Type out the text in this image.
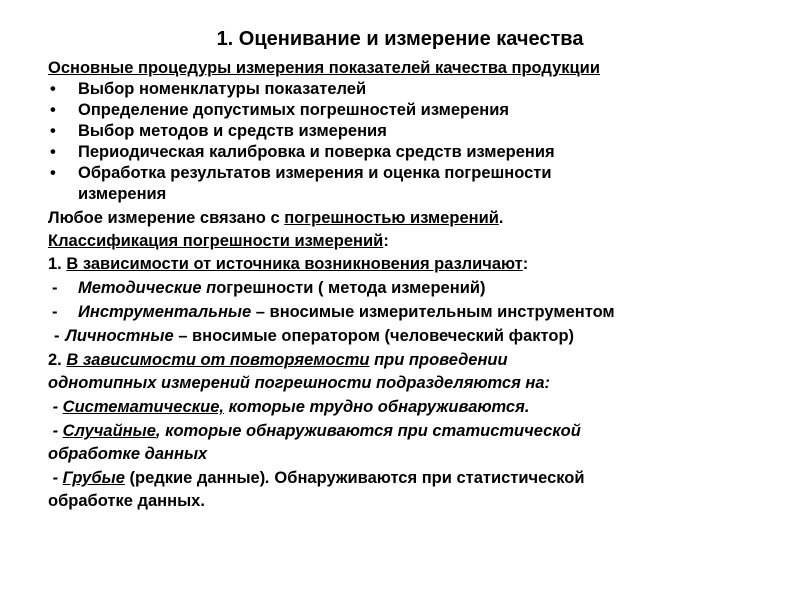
1. Оценивание и измерение качества
Основные процедуры измерения показателей качества продукции
• Выбор номенклатуры показателей
• Определение допустимых погрешностей измерения
• Выбор методов и средств измерения
• Периодическая калибровка и поверка средств измерения
• Обработка результатов измерения и оценка погрешности измерения
Любое измерение связано с погрешностью измерений.
Классификация погрешности измерений:
1. В зависимости от источника возникновения различают:
- Методические погрешности ( метода измерений)
- Инструментальные – вносимые измерительным инструментом
- Личностные – вносимые оператором (человеческий фактор)
2. В зависимости от повторяемости при проведении
однотипных измерений погрешности подразделяются на:
- Систематические, которые трудно обнаруживаются.
- Случайные, которые обнаруживаются при статистической
обработке данных
- Грубые (редкие данные). Обнаруживаются при статистической
обработке данных.
